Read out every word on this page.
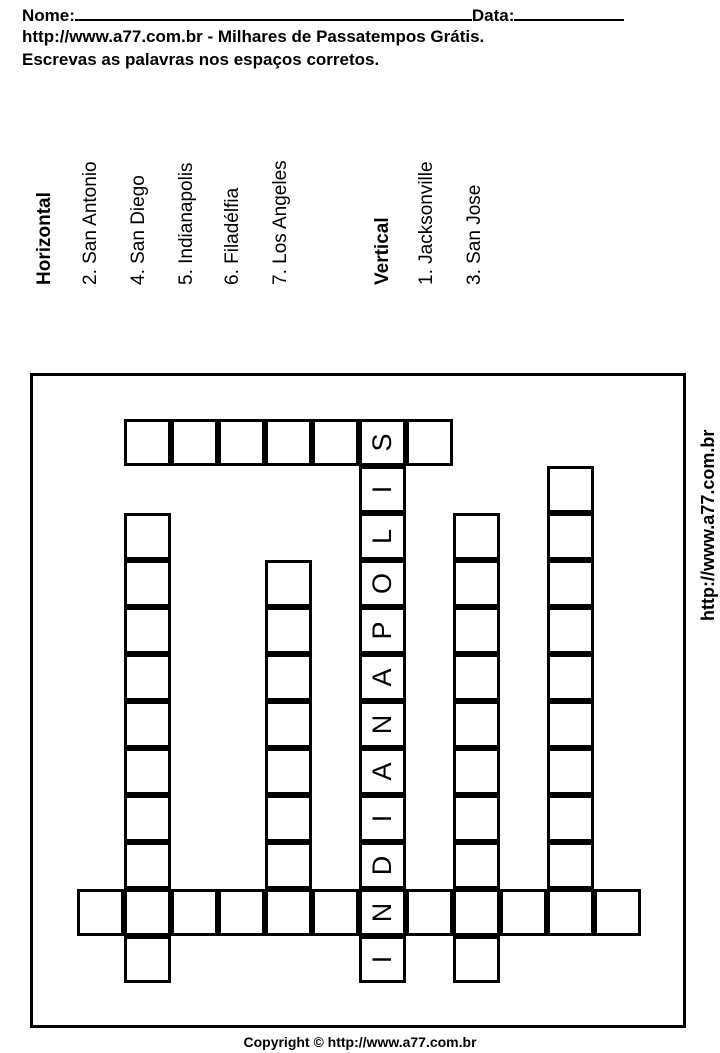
Nome:	Data:
http://www.a77.com.br - Milhares de Passatempos Grátis.
Escrevas as palavras nos espaços corretos.
Horizontal	2. San Antonio	4. San Diego	5. Indianapolis	6. Filadélfia	7. Los Angeles	Vertical	1. Jacksonville	3. San Jose
S
I
L
O
P
A
N
A
I
D
N
I
http://www.a77.com.br
Copyright © http://www.a77.com.br
